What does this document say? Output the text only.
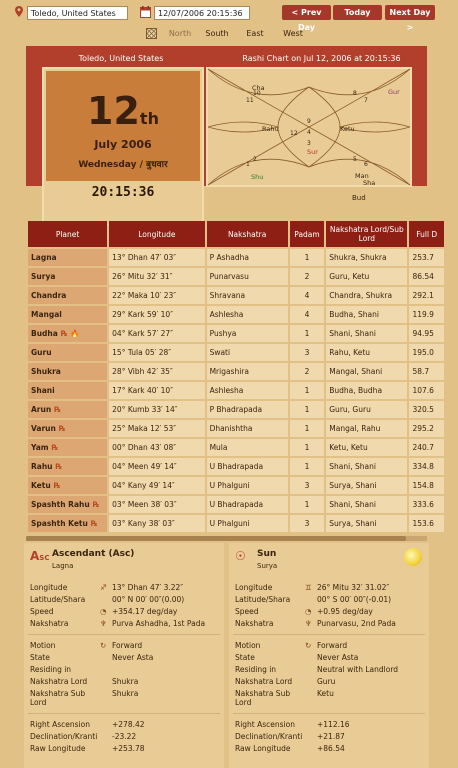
Toledo, United States	12/07/2006 20:15:36	< Prev Day
Today	Next Day >
North	South	East	West
Toledo, United States	Rashi Chart on Jul 12, 2006 at 20:15:36
12th
July 2006
Wednesday / बुधवार
20:15:36
11
10	8
7
12
9
3
6
1
5
2
4
Cha	Gur
Rahu	Ketu
Sur
Shu	Man
Sha
Bud
Planet	Longitude	Nakshatra	Padam	Nakshatra Lord/Sub Lord	Full D
Lagna	13° Dhan 47′ 03″	P Ashadha	1	Shukra, Shukra	253.7
Surya	26° Mitu 32′ 31″	Punarvasu	2	Guru, Ketu	86.54
Chandra	22° Maka 10′ 23″	Shravana	4	Chandra, Shukra	292.1
Mangal	29° Kark 59′ 10″	Ashlesha	4	Budha, Shani	119.9
Budha ℞ 🔥	04° Kark 57′ 27″	Pushya	1	Shani, Shani	94.95
Guru	15° Tula 05′ 28″	Swati	3	Rahu, Ketu	195.0
Shukra	28° Vibh 42′ 35″	Mrigashira	2	Mangal, Shani	58.7
Shani	17° Kark 40′ 10″	Ashlesha	1	Budha, Budha	107.6
Arun ℞	20° Kumb 33′ 14″	P Bhadrapada	1	Guru, Guru	320.5
Varun ℞	25° Maka 12′ 53″	Dhanishtha	1	Mangal, Rahu	295.2
Yam ℞	00° Dhan 43′ 08″	Mula	1	Ketu, Ketu	240.7
Rahu ℞	04° Meen 49′ 14″	U Bhadrapada	1	Shani, Shani	334.8
Ketu ℞	04° Kany 49′ 14″	U Phalguni	3	Surya, Shani	154.8
Spashth Rahu ℞	03° Meen 38′ 03″	U Bhadrapada	1	Shani, Shani	333.6
Spashth Ketu ℞	03° Kany 38′ 03″	U Phalguni	3	Surya, Shani	153.6
ASC Ascendant (Asc)
Lagna
Longitude	♐ 13° Dhan 47′ 3.22″
Latitude/Shara	00° N 00′ 00″(0.00)
Speed	◔ +354.17 deg/day
Nakshatra	♆ Purva Ashadha, 1st Pada
Motion	↻ Forward
State	Never Asta
Residing in
Nakshatra Lord	Shukra
Nakshatra Sub Lord
Shukra
Right Ascension	+278.42
Declination/Kranti -23.22
Raw Longitude	+253.78
☉ Sun
Surya
Longitude	♊ 26° Mitu 32′ 31.02″
Latitude/Shara	00° S 00′ 00″(-0.01)
Speed	◔ +0.95 deg/day
Nakshatra	♆ Punarvasu, 2nd Pada
Motion	↻ Forward
State	Never Asta
Residing in	Neutral with Landlord
Nakshatra Lord	Guru
Nakshatra Sub Lord
Ketu
Right Ascension	+112.16
Declination/Kranti +21.87
Raw Longitude	+86.54
